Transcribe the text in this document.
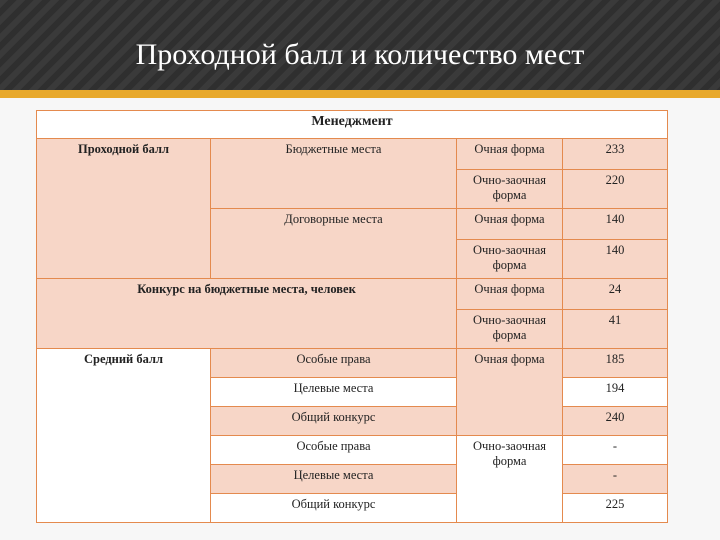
Проходной балл и количество мест
Менеджмент			
Проходной балл	Бюджетные места	Очная форма	233
		Очно-заочная форма	220
	Договорные места	Очная форма	140
		Очно-заочная форма	140
Конкурс на бюджетные места, человек		Очная форма	24
		Очно-заочная форма	41
Средний балл	Особые права	Очная форма	185
	Целевые места		194
	Общий конкурс		240
	Особые права	Очно-заочная форма	-
	Целевые места		-
	Общий конкурс		225
